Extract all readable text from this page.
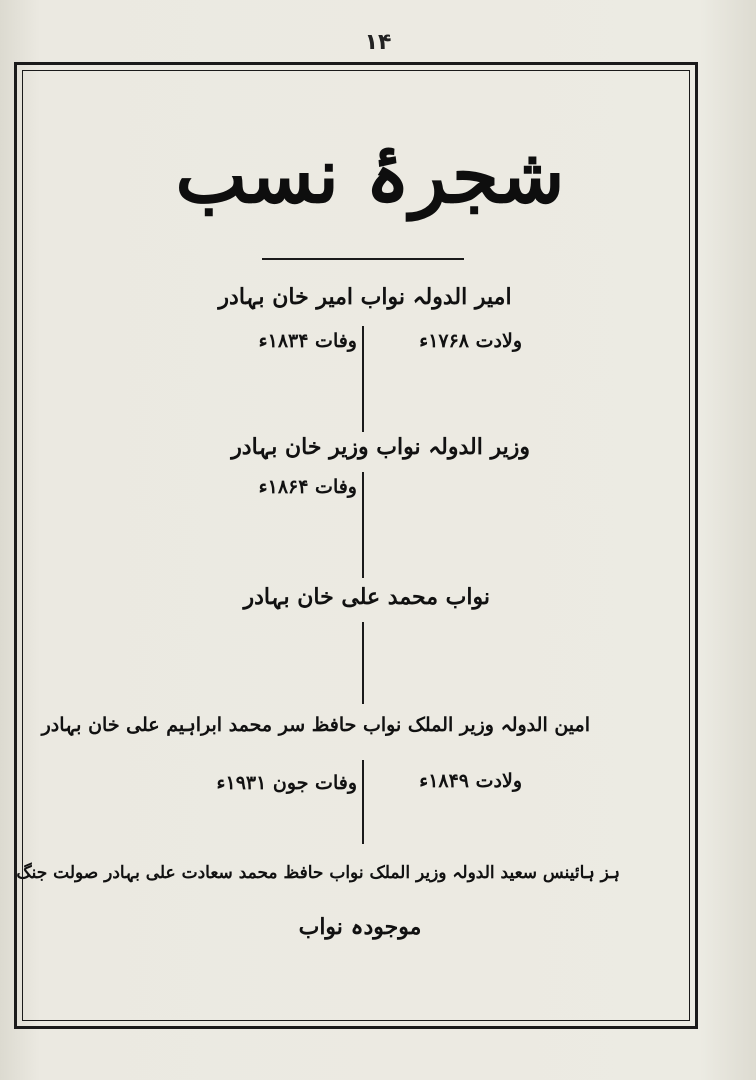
۱۴
شجرۂ نسب
امیر الدولہ نواب امیر خان بہادر
ولادت ۱۷۶۸ء
وفات ۱۸۳۴ء
وزیر الدولہ نواب وزیر خان بہادر
وفات ۱۸۶۴ء
نواب محمد علی خان بہادر
امین الدولہ وزیر الملک نواب حافظ سر محمد ابراہیم علی خان بہادر
ولادت ۱۸۴۹ء
وفات جون ۱۹۳۱ء
ہز ہائینس سعید الدولہ وزیر الملک نواب حافظ محمد سعادت علی بہادر صولت جنگ
موجودہ نواب
